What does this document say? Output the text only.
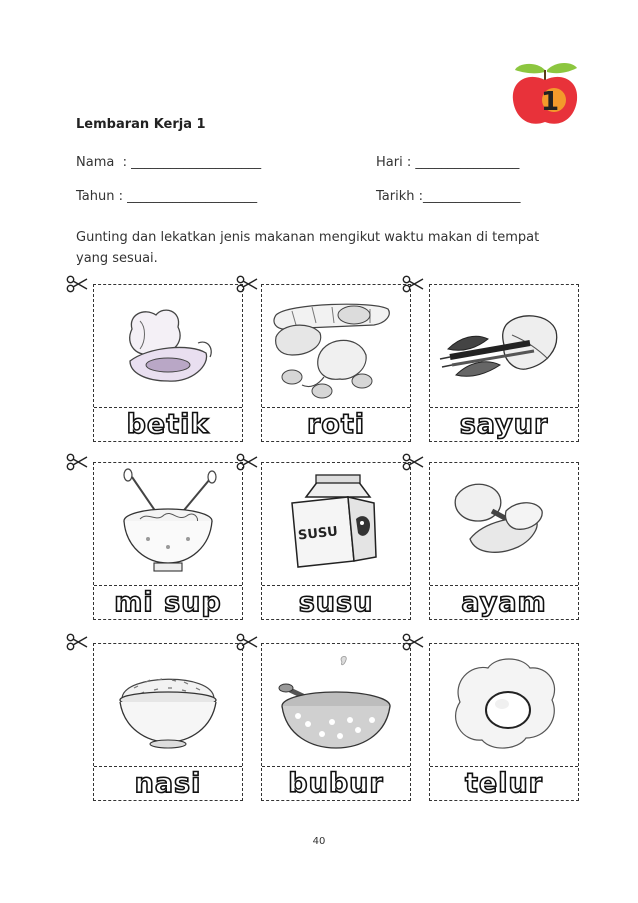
1
Lembaran Kerja 1
Nama  : ____________________	Hari : ________________
Tahun : ____________________	Tarikh :_______________
Gunting dan lekatkan jenis makanan mengikut waktu makan di tempat yang sesuai.
betik	roti	sayur
mi sup
SUSU
susu	ayam
nasi	bubur	telur
40
